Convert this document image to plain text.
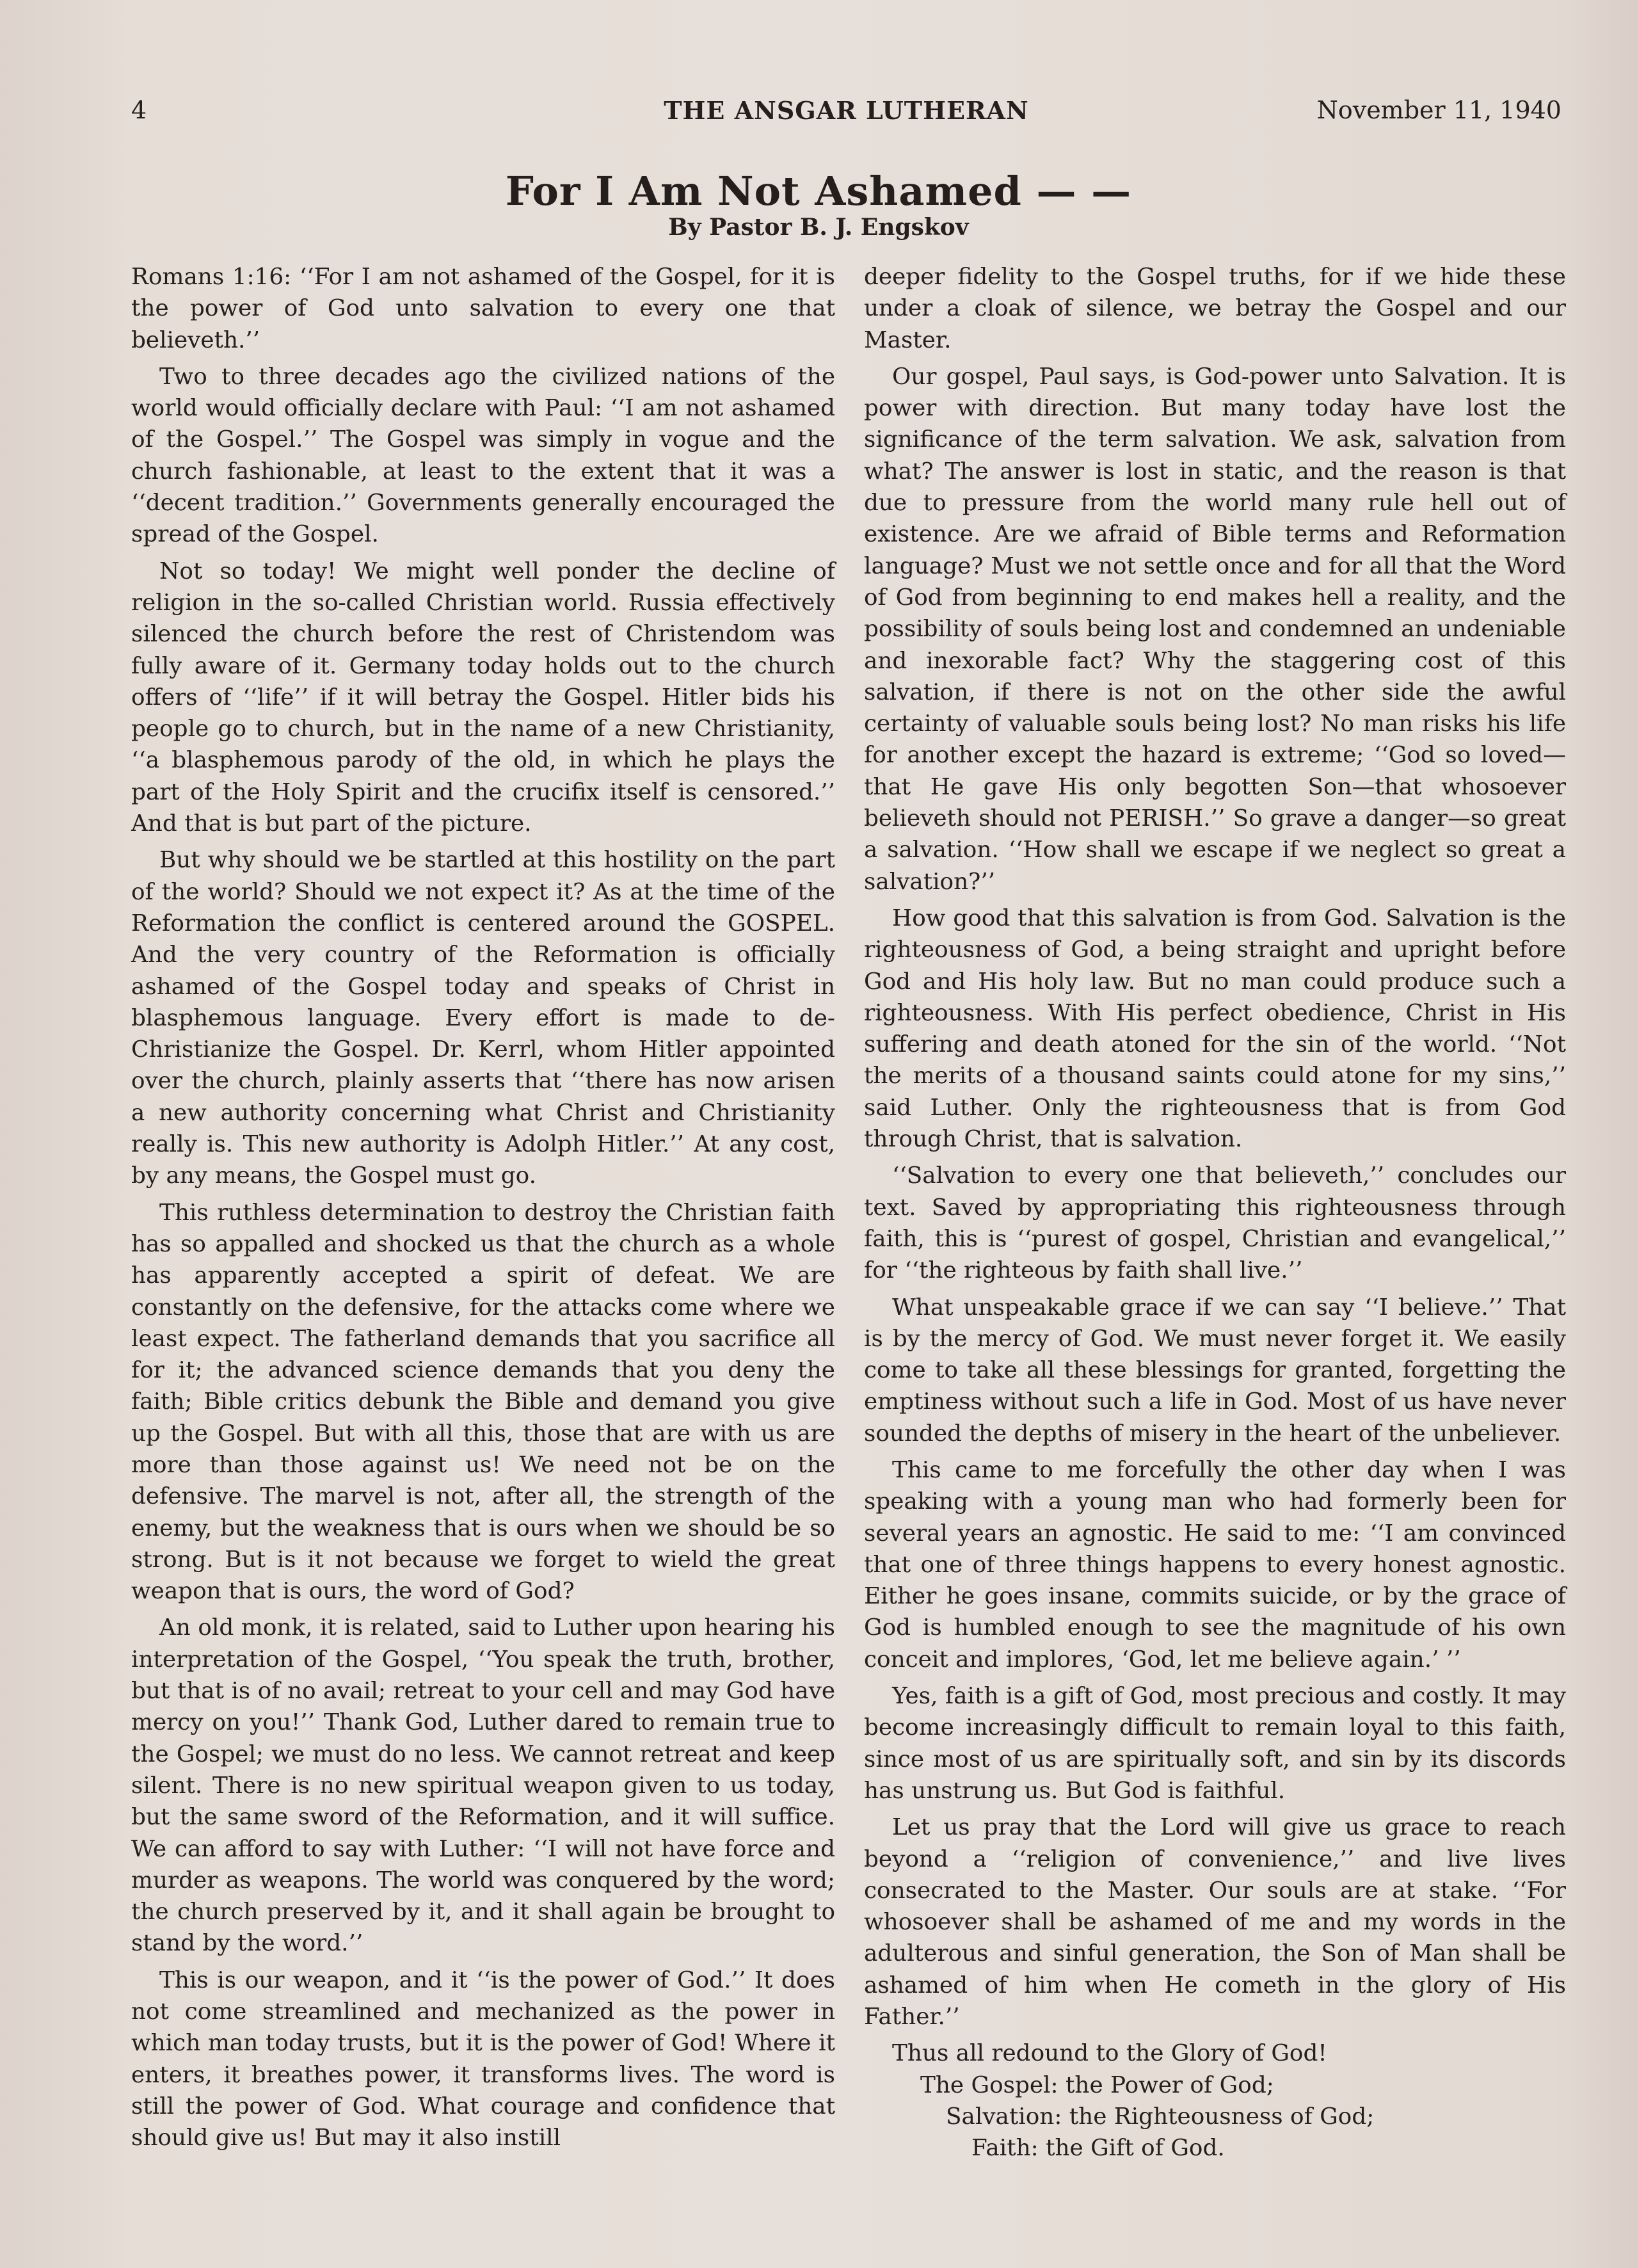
4	THE ANSGAR LUTHERAN	November 11, 1940
For I Am Not Ashamed — —
By Pastor B. J. Engskov

Romans 1:16: ‘‘For I am not ashamed of the Gospel, for it is the power of God unto salvation to every one that believeth.’’

Two to three decades ago the civilized nations of the world would officially declare with Paul: ‘‘I am not ashamed of the Gospel.’’ The Gospel was simply in vogue and the church fashionable, at least to the extent that it was a ‘‘decent tradition.’’ Governments generally encouraged the spread of the Gospel.

Not so today! We might well ponder the decline of religion in the so-called Christian world. Russia effectively silenced the church before the rest of Christendom was fully aware of it. Germany today holds out to the church offers of ‘‘life’’ if it will betray the Gospel. Hitler bids his people go to church, but in the name of a new Christianity, ‘‘a blasphemous parody of the old, in which he plays the part of the Holy Spirit and the crucifix itself is censored.’’ And that is but part of the picture.

But why should we be startled at this hostility on the part of the world? Should we not expect it? As at the time of the Reformation the conflict is centered around the GOSPEL. And the very country of the Reformation is officially ashamed of the Gospel today and speaks of Christ in blasphemous language. Every effort is made to de-Christianize the Gospel. Dr. Kerrl, whom Hitler appointed over the church, plainly asserts that ‘‘there has now arisen a new authority concerning what Christ and Christianity really is. This new authority is Adolph Hitler.’’ At any cost, by any means, the Gospel must go.

This ruthless determination to destroy the Christian faith has so appalled and shocked us that the church as a whole has apparently accepted a spirit of defeat. We are constantly on the defensive, for the attacks come where we least expect. The fatherland demands that you sacrifice all for it; the advanced science demands that you deny the faith; Bible critics debunk the Bible and demand you give up the Gospel. But with all this, those that are with us are more than those against us! We need not be on the defensive. The marvel is not, after all, the strength of the enemy, but the weakness that is ours when we should be so strong. But is it not because we forget to wield the great weapon that is ours, the word of God?

An old monk, it is related, said to Luther upon hearing his interpretation of the Gospel, ‘‘You speak the truth, brother, but that is of no avail; retreat to your cell and may God have mercy on you!’’ Thank God, Luther dared to remain true to the Gospel; we must do no less. We cannot retreat and keep silent. There is no new spiritual weapon given to us today, but the same sword of the Reformation, and it will suffice. We can afford to say with Luther: ‘‘I will not have force and murder as weapons. The world was conquered by the word; the church preserved by it, and it shall again be brought to stand by the word.’’

This is our weapon, and it ‘‘is the power of God.’’ It does not come streamlined and mechanized as the power in which man today trusts, but it is the power of God! Where it enters, it breathes power, it transforms lives. The word is still the power of God. What courage and confidence that should give us! But may it also instill

deeper fidelity to the Gospel truths, for if we hide these under a cloak of silence, we betray the Gospel and our Master.

Our gospel, Paul says, is God-power unto Salvation. It is power with direction. But many today have lost the significance of the term salvation. We ask, salvation from what? The answer is lost in static, and the reason is that due to pressure from the world many rule hell out of existence. Are we afraid of Bible terms and Reformation language? Must we not settle once and for all that the Word of God from beginning to end makes hell a reality, and the possibility of souls being lost and condemned an undeniable and inexorable fact? Why the staggering cost of this salvation, if there is not on the other side the awful certainty of valuable souls being lost? No man risks his life for another except the hazard is extreme; ‘‘God so loved—that He gave His only begotten Son—that whosoever believeth should not PERISH.’’ So grave a danger—so great a salvation. ‘‘How shall we escape if we neglect so great a salvation?’’

How good that this salvation is from God. Salvation is the righteousness of God, a being straight and upright before God and His holy law. But no man could produce such a righteousness. With His perfect obedience, Christ in His suffering and death atoned for the sin of the world. ‘‘Not the merits of a thousand saints could atone for my sins,’’ said Luther. Only the righteousness that is from God through Christ, that is salvation.

‘‘Salvation to every one that believeth,’’ concludes our text. Saved by appropriating this righteousness through faith, this is ‘‘purest of gospel, Christian and evangelical,’’ for ‘‘the righteous by faith shall live.’’

What unspeakable grace if we can say ‘‘I believe.’’ That is by the mercy of God. We must never forget it. We easily come to take all these blessings for granted, forgetting the emptiness without such a life in God. Most of us have never sounded the depths of misery in the heart of the unbeliever.

This came to me forcefully the other day when I was speaking with a young man who had formerly been for several years an agnostic. He said to me: ‘‘I am convinced that one of three things happens to every honest agnostic. Either he goes insane, commits suicide, or by the grace of God is humbled enough to see the magnitude of his own conceit and implores, ‘God, let me believe again.’ ’’

Yes, faith is a gift of God, most precious and costly. It may become increasingly difficult to remain loyal to this faith, since most of us are spiritually soft, and sin by its discords has unstrung us. But God is faithful.

Let us pray that the Lord will give us grace to reach beyond a ‘‘religion of convenience,’’ and live lives consecrated to the Master. Our souls are at stake. ‘‘For whosoever shall be ashamed of me and my words in the adulterous and sinful generation, the Son of Man shall be ashamed of him when He cometh in the glory of His Father.’’

Thus all redound to the Glory of God!
The Gospel: the Power of God;
Salvation: the Righteousness of God;
Faith: the Gift of God.
